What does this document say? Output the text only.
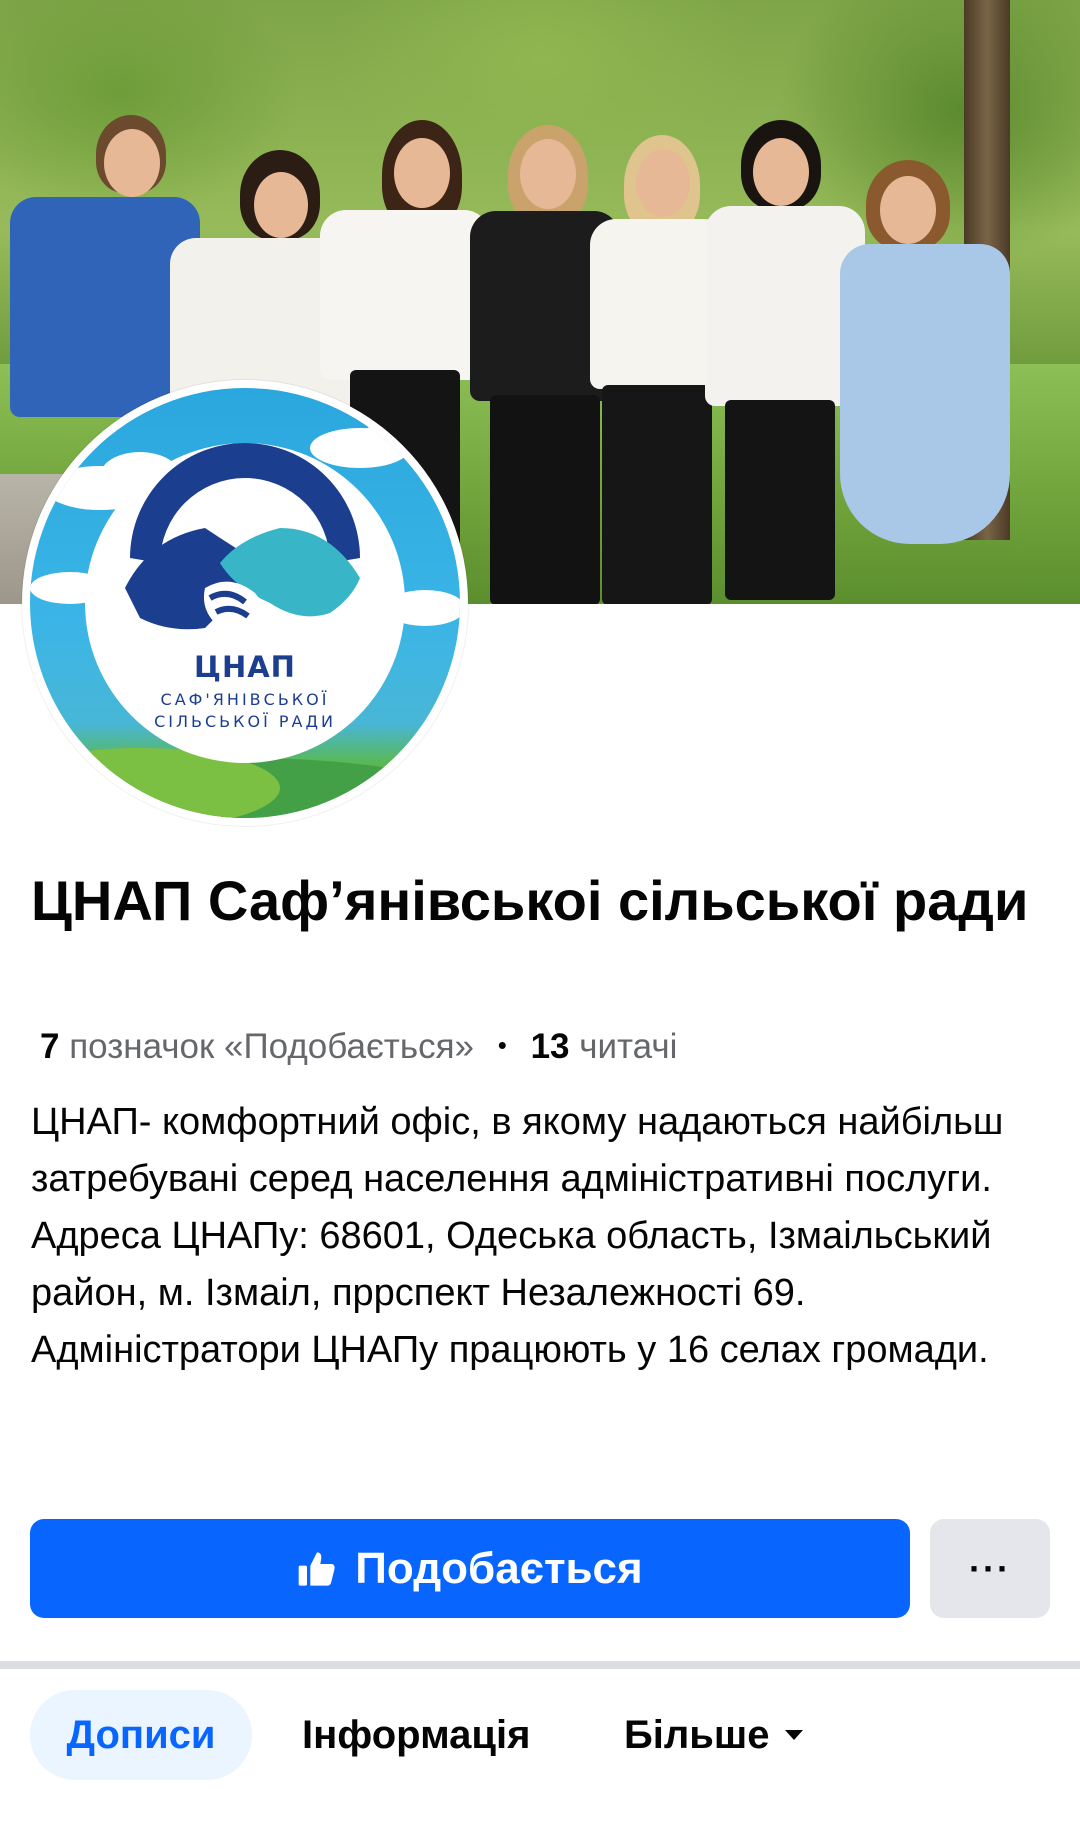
ЦНАП
САФ'ЯНІВСЬКОЇ
СІЛЬСЬКОЇ РАДИ
ЦНАП Саф’янівськоі сільської ради
7 позначок «Подобається» • 13 читачі
ЦНАП- комфортний офіс, в якому надаються найбільш затребувані серед населення адміністративні послуги. Адреса ЦНАПу: 68601, Одеська область, Ізмаільський район, м. Ізмаіл, пррспект Незалежності 69. Адміністратори ЦНАПу працюють у 16 селах громади.
Подобається	···
Дописи Інформація Більше
